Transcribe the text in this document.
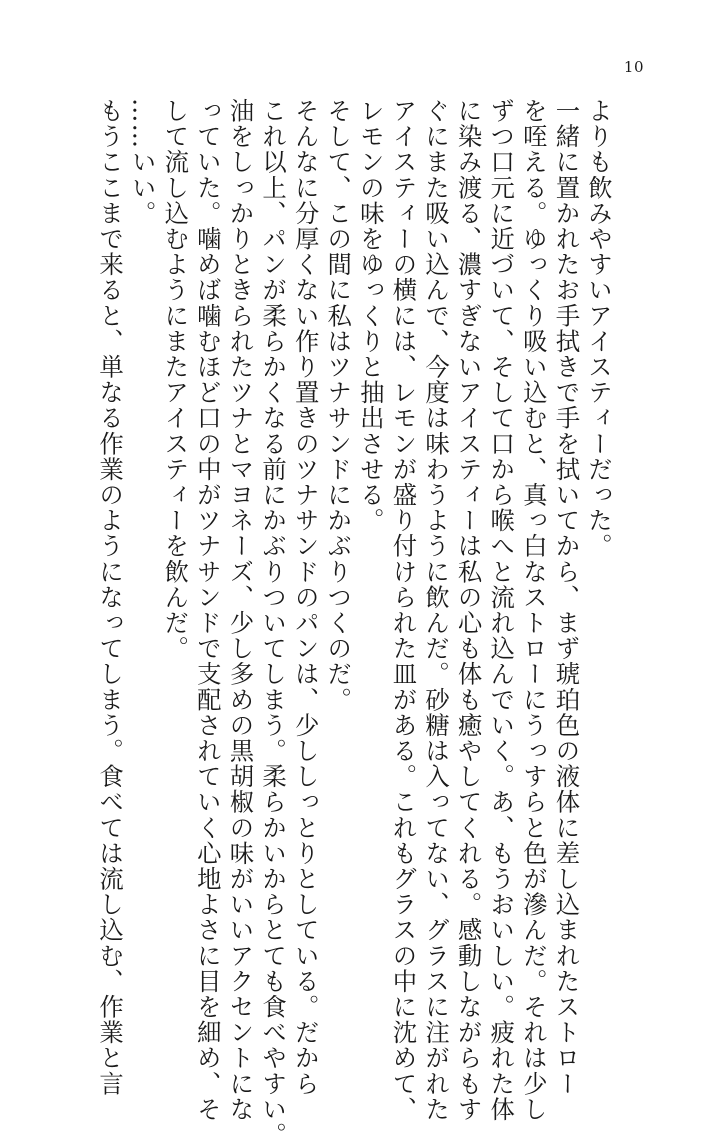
10

よりも飲みやすいアイスティーだった。

一緒に置かれたお手拭きで手を拭いてから、まず琥珀色の液体に差し込まれたストロー

を咥える。ゆっくり吸い込むと、真っ白なストローにうっすらと色が滲んだ。それは少し

ずつ口元に近づいて、そして口から喉へと流れ込んでいく。あ、もうおいしい。疲れた体

に染み渡る、濃すぎないアイスティーは私の心も体も癒やしてくれる。感動しながらもす

ぐにまた吸い込んで、今度は味わうように飲んだ。砂糖は入ってない、グラスに注がれた

アイスティーの横には、レモンが盛り付けられた皿がある。これもグラスの中に沈めて、

レモンの味をゆっくりと抽出させる。

そして、この間に私はツナサンドにかぶりつくのだ。

そんなに分厚くない作り置きのツナサンドのパンは、少ししっとりとしている。だから

これ以上、パンが柔らかくなる前にかぶりついてしまう。柔らかいからとても食べやすい。

油をしっかりときられたツナとマヨネーズ、少し多めの黒胡椒の味がいいアクセントにな

っていた。噛めば噛むほど口の中がツナサンドで支配されていく心地よさに目を細め、そ

して流し込むようにまたアイスティーを飲んだ。

……いい。

もうここまで来ると、単なる作業のようになってしまう。食べては流し込む、作業と言
